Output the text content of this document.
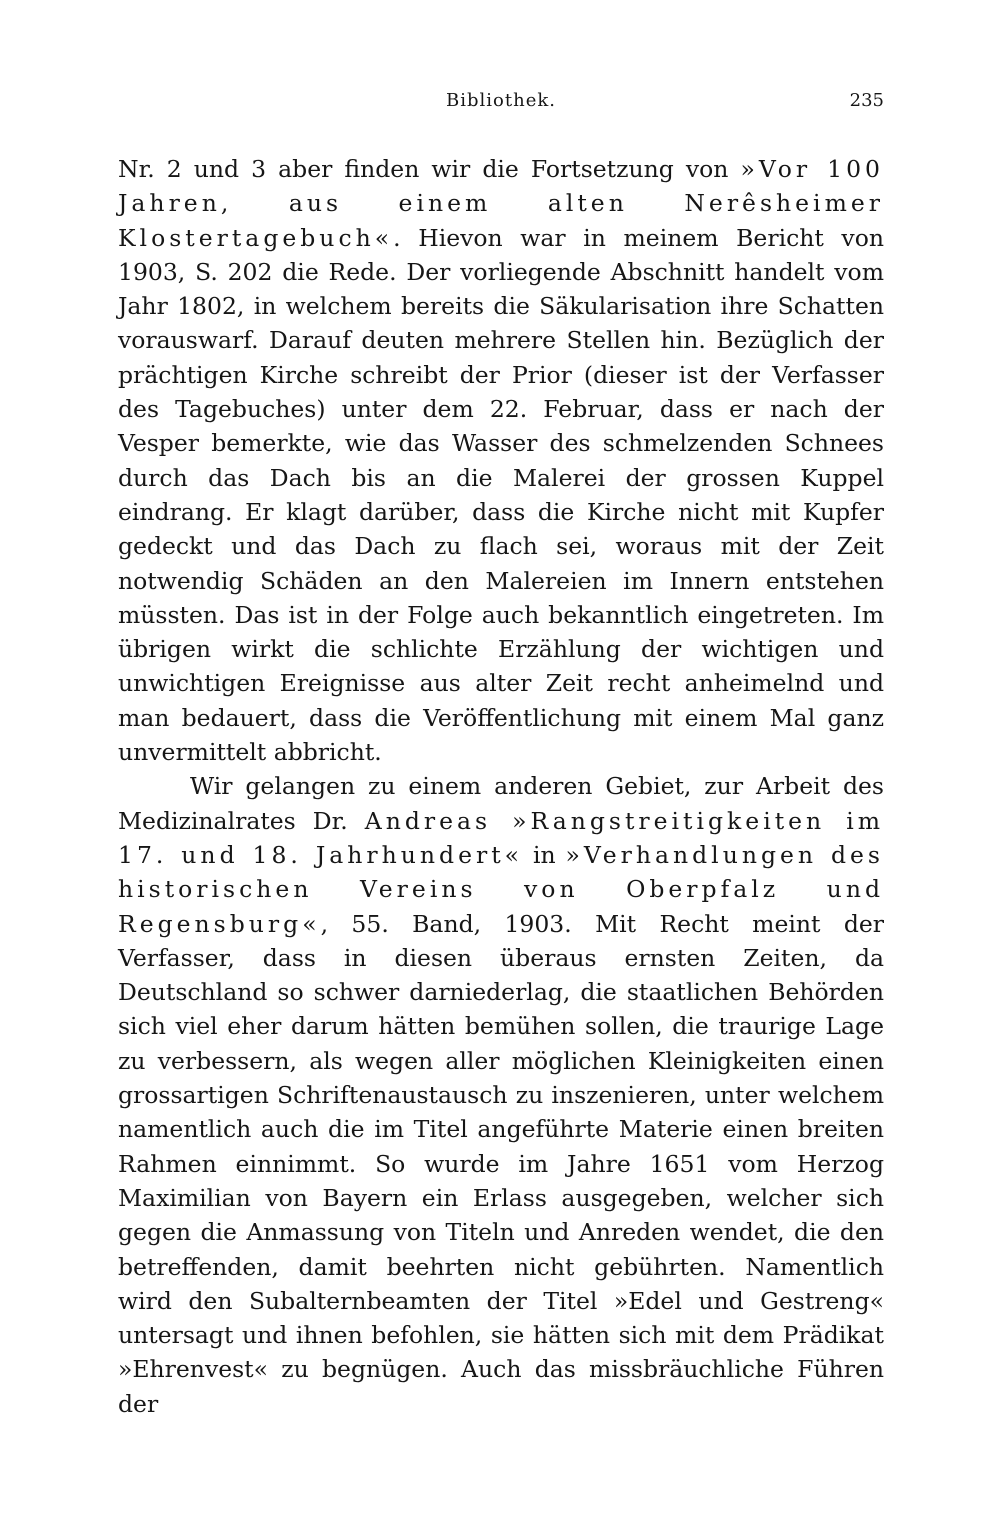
Bibliothek.	235

Nr. 2 und 3 aber finden wir die Fortsetzung von »Vor 100 Jahren, aus einem alten Nerêsheimer Klostertagebuch«. Hievon war in meinem Bericht von 1903, S. 202 die Rede. Der vorliegende Abschnitt handelt vom Jahr 1802, in welchem bereits die Säkularisation ihre Schatten vorauswarf. Darauf deuten mehrere Stellen hin. Bezüglich der prächtigen Kirche schreibt der Prior (dieser ist der Verfasser des Tagebuches) unter dem 22. Februar, dass er nach der Vesper bemerkte, wie das Wasser des schmelzenden Schnees durch das Dach bis an die Malerei der grossen Kuppel eindrang. Er klagt darüber, dass die Kirche nicht mit Kupfer gedeckt und das Dach zu flach sei, woraus mit der Zeit notwendig Schäden an den Malereien im Innern entstehen müssten. Das ist in der Folge auch bekanntlich eingetreten. Im übrigen wirkt die schlichte Erzählung der wichtigen und unwichtigen Ereignisse aus alter Zeit recht anheimelnd und man bedauert, dass die Veröffentlichung mit einem Mal ganz unvermittelt abbricht.

Wir gelangen zu einem anderen Gebiet, zur Arbeit des Medizinalrates Dr. Andreas »Rangstreitigkeiten im 17. und 18. Jahrhundert« in »Verhandlungen des historischen Vereins von Oberpfalz und Regensburg«, 55. Band, 1903. Mit Recht meint der Verfasser, dass in diesen überaus ernsten Zeiten, da Deutschland so schwer darniederlag, die staatlichen Behörden sich viel eher darum hätten bemühen sollen, die traurige Lage zu verbessern, als wegen aller möglichen Kleinigkeiten einen grossartigen Schriftenaustausch zu inszenieren, unter welchem namentlich auch die im Titel angeführte Materie einen breiten Rahmen einnimmt. So wurde im Jahre 1651 vom Herzog Maximilian von Bayern ein Erlass ausgegeben, welcher sich gegen die Anmassung von Titeln und Anreden wendet, die den betreffenden, damit beehrten nicht gebührten. Namentlich wird den Subalternbeamten der Titel »Edel und Gestreng« untersagt und ihnen befohlen, sie hätten sich mit dem Prädikat »Ehrenvest« zu begnügen. Auch das missbräuchliche Führen der
